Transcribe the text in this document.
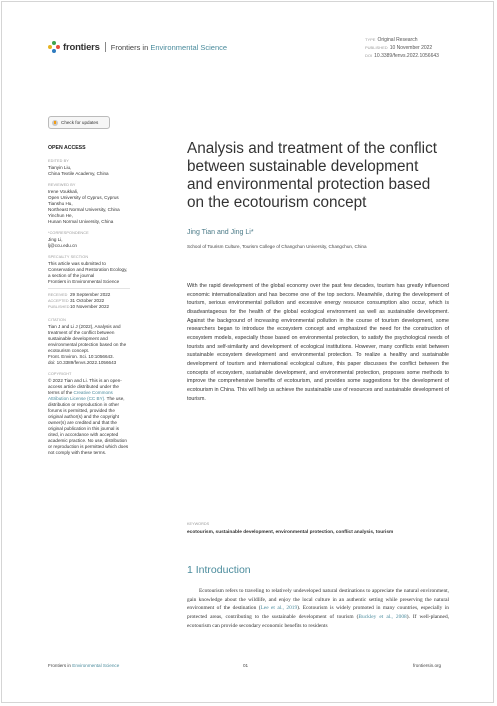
frontiers Frontiers in Environmental Science
TYPE Original Research
PUBLISHED 10 November 2022
DOI 10.3389/fenvs.2022.1056643
Check for updates
OPEN ACCESS
EDITED BY
Tianyin Liu,
China Textile Academy, China
REVIEWED BY
Irene Voukkali,
Open University of Cyprus, Cyprus
Tianshu Hu,
Northeast Normal University, China
Yinchun He,
Hunan Normal University, China
*CORRESPONDENCE
Jing Li,
lj@ccu.edu.cn
SPECIALTY SECTION
This article was submitted to
Conservation and Restoration Ecology,
a section of the journal
Frontiers in Environmental Science
RECEIVED 29 September 2022
ACCEPTED 31 October 2022
PUBLISHED 10 November 2022
CITATION
Tian J and Li J (2022), Analysis and
treatment of the conflict between
sustainable development and
environmental protection based on the
ecotourism concept.
Front. Environ. Sci. 10:1056643.
doi: 10.3389/fenvs.2022.1056643
COPYRIGHT
© 2022 Tian and Li. This is an open-
access article distributed under the
terms of the Creative Commons
Attribution License (CC BY). The use,
distribution or reproduction in other
forums is permitted, provided the
original author(s) and the copyright
owner(s) are credited and that the
original publication in this journal is
cited, in accordance with accepted
academic practice. No use, distribution
or reproduction is permitted which does
not comply with these terms.
Analysis and treatment of the conflict between sustainable development and environmental protection based on the ecotourism concept
Jing Tian and Jing Li*
School of Tourism Culture, Tourism College of Changchun University, Changchun, China
With the rapid development of the global economy over the past few decades, tourism has greatly influenced economic internationalization and has become one of the top sectors. Meanwhile, during the development of tourism, serious environmental pollution and excessive energy resource consumption also occur, which is disadvantageous for the health of the global ecological environment as well as sustainable development. Against the background of increasing environmental pollution in the course of tourism development, some researchers began to introduce the ecosystem concept and emphasized the need for the construction of ecosystem models, especially those based on environmental protection, to satisfy the psychological needs of tourists and self-similarity and development of ecological institutions. However, many conflicts exist between sustainable ecosystem development and environmental protection. To realize a healthy and sustainable development of tourism and international ecological culture, this paper discusses the conflict between the concepts of ecosystem, sustainable development, and environmental protection, proposes some methods to improve the comprehensive benefits of ecotourism, and provides some suggestions for the development of ecotourism in China. This will help us achieve the sustainable use of resources and sustainable development of tourism.
KEYWORDS
ecotourism, sustainable development, environmental protection, conflict analysis, tourism
1 Introduction
Ecotourism refers to traveling to relatively undeveloped natural destinations to appreciate the natural environment, gain knowledge about the wildlife, and enjoy the local culture in an authentic setting while preserving the natural environment of the destination (Lee et al., 2019). Ecotourism is widely promoted in many countries, especially in protected areas, contributing to the sustainable development of tourism (Buckley et al., 2008). If well-planned, ecotourism can provide secondary economic benefits to residents
Frontiers in Environmental Science	01	frontiersin.org
